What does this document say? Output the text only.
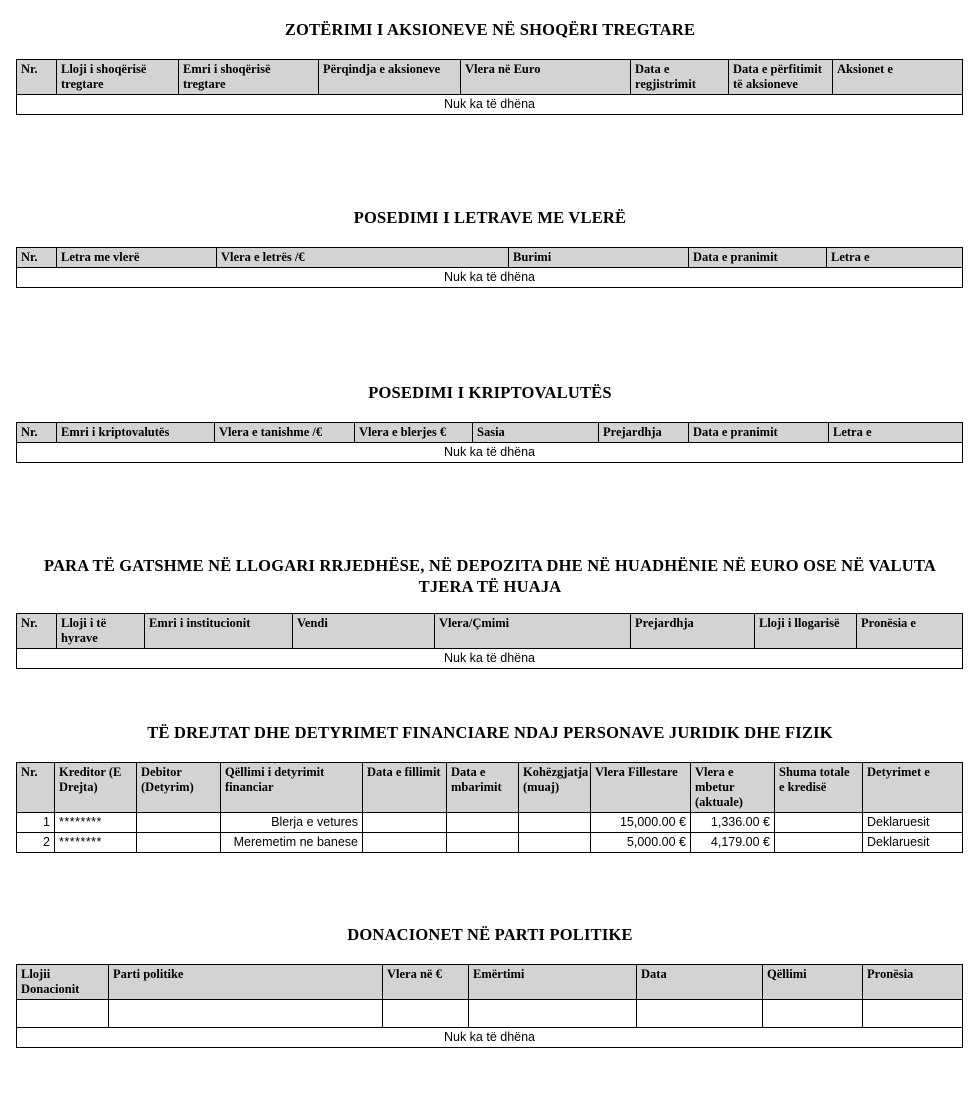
ZOTËRIMI I AKSIONEVE NË SHOQËRI TREGTARE
Nr.	Lloji i shoqërisë tregtare	Emri i shoqërisë tregtare	Përqindja e aksioneve	Vlera në Euro	Data e regjistrimit	Data e përfitimit të aksioneve	Aksionet e
Nuk ka të dhëna
POSEDIMI I LETRAVE ME VLERË
Nr.	Letra me vlerë	Vlera e letrës /€	Burimi	Data e pranimit	Letra e
Nuk ka të dhëna
POSEDIMI I KRIPTOVALUTËS
Nr.	Emri i kriptovalutës	Vlera e tanishme /€	Vlera e blerjes €	Sasia	Prejardhja	Data e pranimit	Letra e
Nuk ka të dhëna
PARA TË GATSHME NË LLOGARI RRJEDHËSE, NË DEPOZITA DHE NË HUADHËNIE NË EURO OSE NË VALUTA TJERA TË HUAJA
Nr.	Lloji i të hyrave	Emri i institucionit	Vendi	Vlera/Çmimi	Prejardhja	Lloji i llogarisë	Pronësia e
Nuk ka të dhëna
TË DREJTAT DHE DETYRIMET FINANCIARE NDAJ PERSONAVE JURIDIK DHE FIZIK
Nr.	Kreditor (E Drejta)	Debitor (Detyrim)	Qëllimi i detyrimit financiar	Data e fillimit	Data e mbarimit	Kohëzgjatja (muaj)	Vlera Fillestare	Vlera e mbetur (aktuale)	Shuma totale e kredisë	Detyrimet e
1	********		Blerja e vetures				15,000.00 €	1,336.00 €		Deklaruesit
2	********		Meremetim ne banese				5,000.00 €	4,179.00 €		Deklaruesit
DONACIONET NË PARTI POLITIKE
Llojii Donacionit	Parti politike	Vlera në €	Emërtimi	Data	Qëllimi	Pronësia

Nuk ka të dhëna						
